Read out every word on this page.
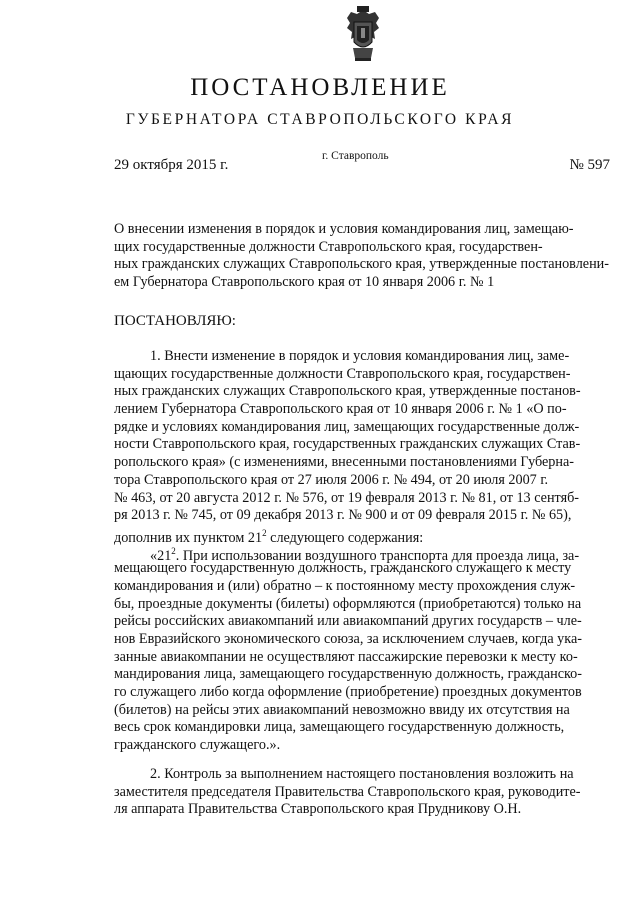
ПОСТАНОВЛЕНИЕ
ГУБЕРНАТОРА СТАВРОПОЛЬСКОГО КРАЯ
29 октября 2015 г.
г. Ставрополь
№ 597
О внесении изменения в порядок и условия командирования лиц, замещаю-
щих государственные должности Ставропольского края, государствен-
ных гражданских служащих Ставропольского края, утвержденные постановлени-
ем Губернатора Ставропольского края от 10 января 2006 г. № 1
ПОСТАНОВЛЯЮ:
1. Внести изменение в порядок и условия командирования лиц, заме-
щающих государственные должности Ставропольского края, государствен-
ных гражданских служащих Ставропольского края, утвержденные постанов-
лением Губернатора Ставропольского края от 10 января 2006 г. № 1 «О по-
рядке и условиях командирования лиц, замещающих государственные долж-
ности Ставропольского края, государственных гражданских служащих Став-
ропольского края» (с изменениями, внесенными постановлениями Губерна-
тора Ставропольского края от 27 июля 2006 г. № 494, от 20 июля 2007 г.
№ 463, от 20 августа 2012 г. № 576, от 19 февраля 2013 г. № 81, от 13 сентяб-
ря 2013 г. № 745, от 09 декабря 2013 г. № 900 и от 09 февраля 2015 г. № 65),
дополнив их пунктом $21^2$ следующего содержания:
«$21^2$. При использовании воздушного транспорта для проезда лица, за-
мещающего государственную должность, гражданского служащего к месту
командирования и (или) обратно – к постоянному месту прохождения служ-
бы, проездные документы (билеты) оформляются (приобретаются) только на
рейсы российских авиакомпаний или авиакомпаний других государств – чле-
нов Евразийского экономического союза, за исключением случаев, когда ука-
занные авиакомпании не осуществляют пассажирские перевозки к месту ко-
мандирования лица, замещающего государственную должность, гражданско-
го служащего либо когда оформление (приобретение) проездных документов
(билетов) на рейсы этих авиакомпаний невозможно ввиду их отсутствия на
весь срок командировки лица, замещающего государственную должность,
гражданского служащего.».
2. Контроль за выполнением настоящего постановления возложить на
заместителя председателя Правительства Ставропольского края, руководите-
ля аппарата Правительства Ставропольского края Прудникову О.Н.
